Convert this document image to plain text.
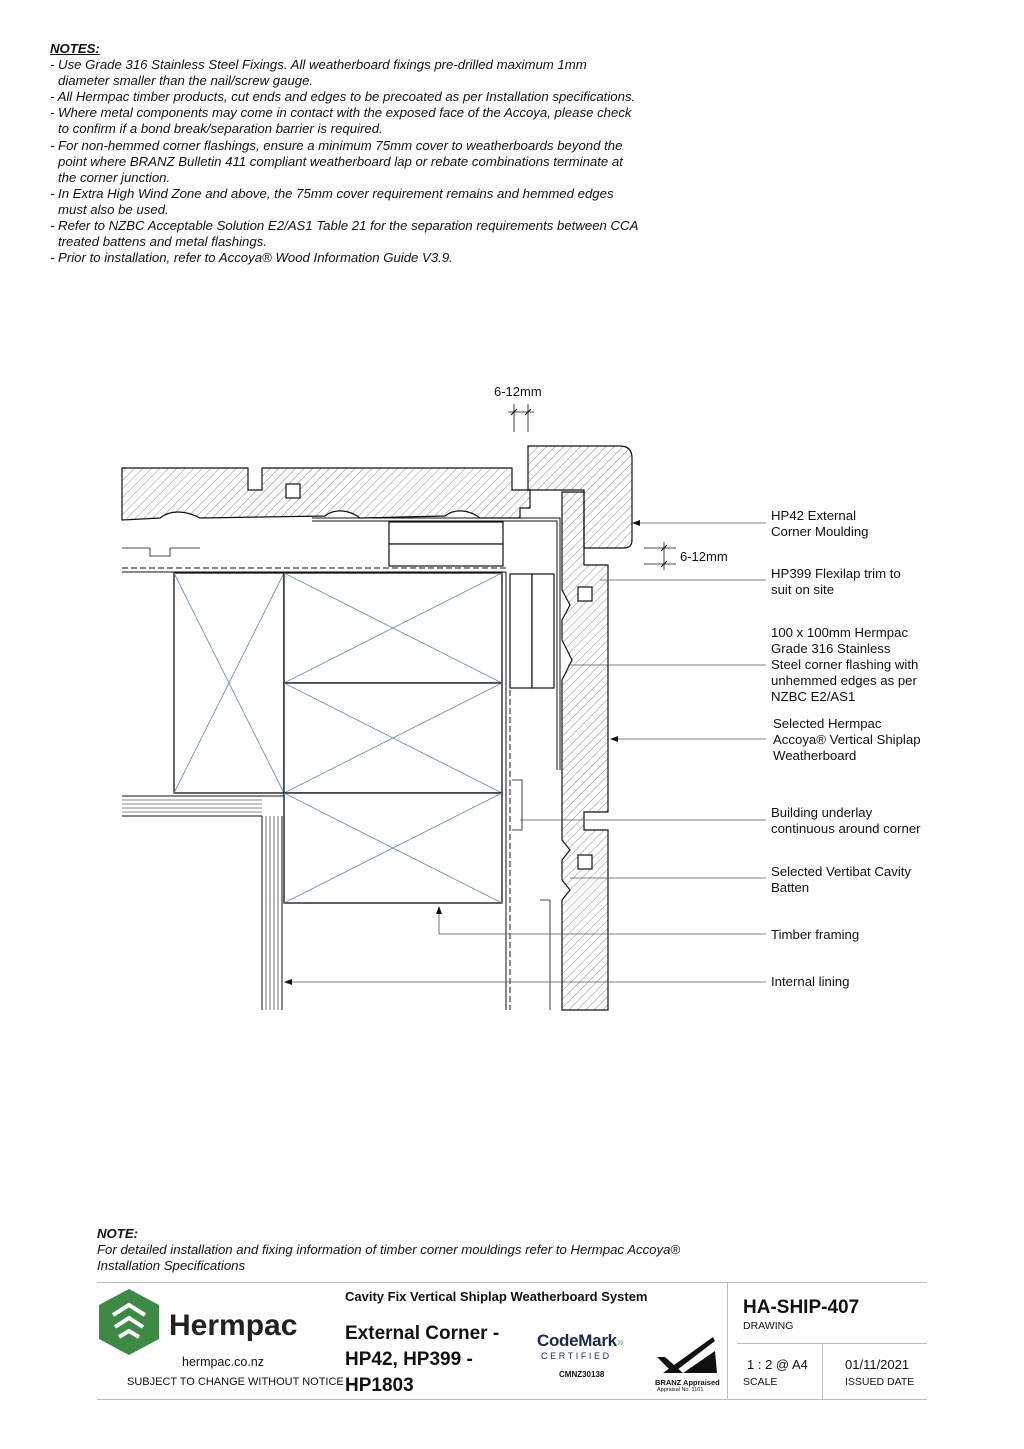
NOTES:
- Use Grade 316 Stainless Steel Fixings. All weatherboard fixings pre-drilled maximum 1mm
diameter smaller than the nail/screw gauge.
- All Hermpac timber products, cut ends and edges to be precoated as per Installation specifications.
- Where metal components may come in contact with the exposed face of the Accoya, please check
to confirm if a bond break/separation barrier is required.
- For non-hemmed corner flashings, ensure a minimum 75mm cover to weatherboards beyond the
point where BRANZ Bulletin 411 compliant weatherboard lap or rebate combinations terminate at
the corner junction.
- In Extra High Wind Zone and above, the 75mm cover requirement remains and hemmed edges
must also be used.
- Refer to NZBC Acceptable Solution E2/AS1 Table 21 for the separation requirements between CCA
treated battens and metal flashings.
- Prior to installation, refer to Accoya® Wood Information Guide V3.9.
6-12mm
6-12mm
HP42 External Corner Moulding
HP399 Flexilap trim to suit on site
100 x 100mm Hermpac Grade 316 Stainless Steel corner flashing with unhemmed edges as per NZBC E2/AS1
Selected Hermpac Accoya® Vertical Shiplap Weatherboard
Building underlay continuous around corner
Selected Vertibat Cavity Batten
Timber framing
Internal lining
NOTE:
For detailed installation and fixing information of timber corner mouldings refer to Hermpac Accoya® Installation Specifications
Hermpac
hermpac.co.nz
SUBJECT TO CHANGE WITHOUT NOTICE
Cavity Fix Vertical Shiplap Weatherboard System
External Corner - HP42, HP399 - HP1803
CodeMark»
CERTIFIED
CMNZ30138
BRANZ Appraised
Appraisal No. 1101
HA-SHIP-407
DRAWING
1 : 2 @ A4
SCALE
01/11/2021
ISSUED DATE
